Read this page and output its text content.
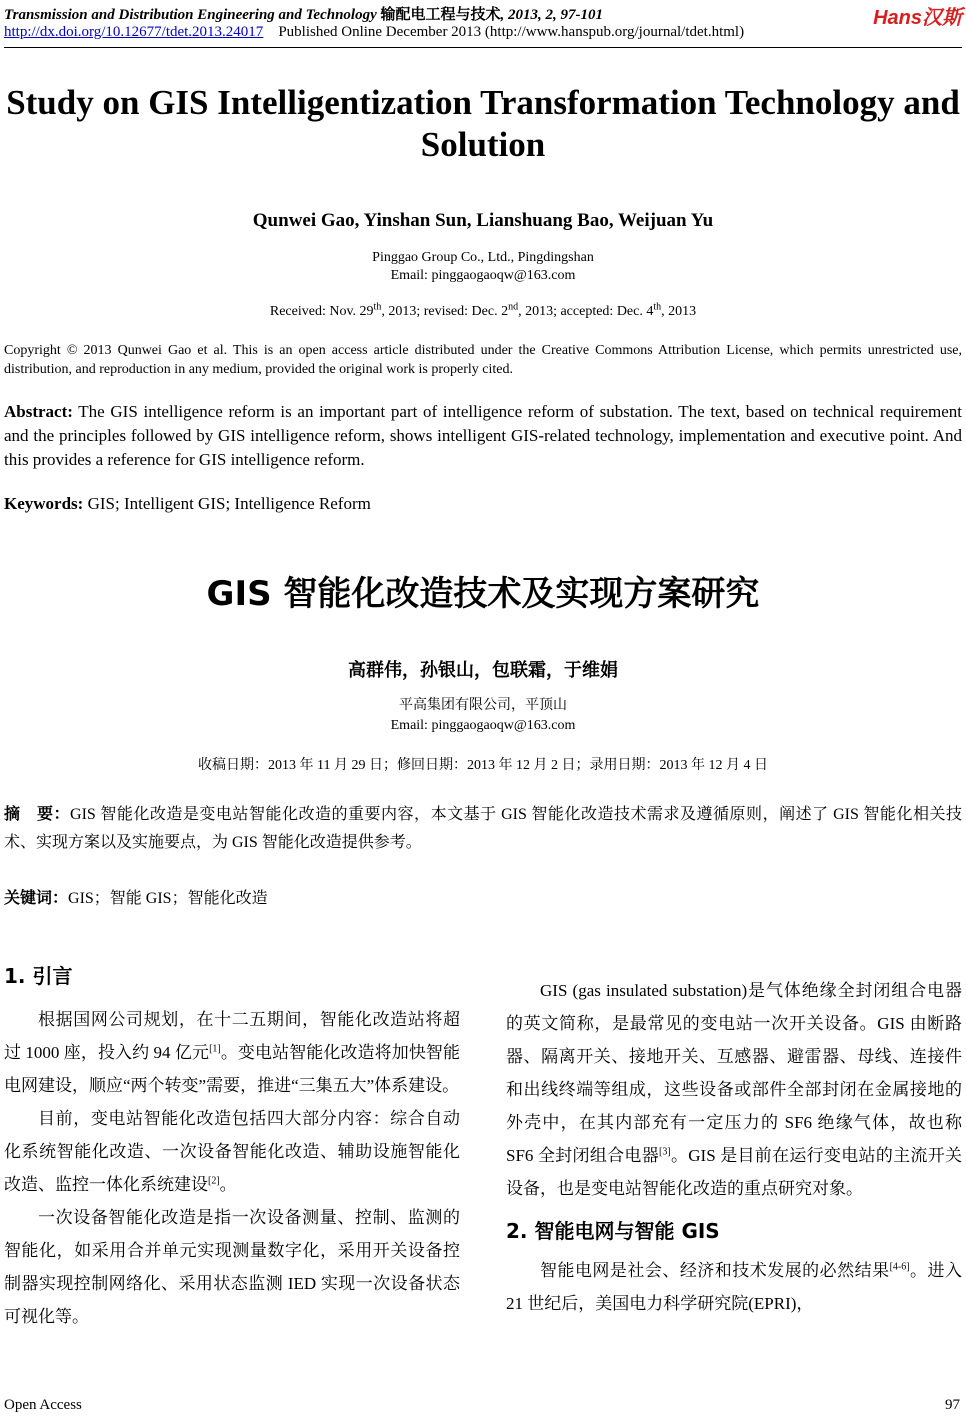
Transmission and Distribution Engineering and Technology 输配电工程与技术, 2013, 2, 97-101
http://dx.doi.org/10.12677/tdet.2013.24017 Published Online December 2013 (http://www.hanspub.org/journal/tdet.html)
Hans汉斯
Study on GIS Intelligentization Transformation Technology and Solution
Qunwei Gao, Yinshan Sun, Lianshuang Bao, Weijuan Yu
Pinggao Group Co., Ltd., Pingdingshan
Email: pinggaogaoqw@163.com
Received: Nov. 29th, 2013; revised: Dec. 2nd, 2013; accepted: Dec. 4th, 2013
Copyright © 2013 Qunwei Gao et al. This is an open access article distributed under the Creative Commons Attribution License, which permits unrestricted use, distribution, and reproduction in any medium, provided the original work is properly cited.
Abstract: The GIS intelligence reform is an important part of intelligence reform of substation. The text, based on technical requirement and the principles followed by GIS intelligence reform, shows intelligent GIS-related technology, implementation and executive point. And this provides a reference for GIS intelligence reform.
Keywords: GIS; Intelligent GIS; Intelligence Reform
GIS 智能化改造技术及实现方案研究
高群伟，孙银山，包联霜，于维娟
平高集团有限公司，平顶山
Email: pinggaogaoqw@163.com
收稿日期：2013 年 11 月 29 日；修回日期：2013 年 12 月 2 日；录用日期：2013 年 12 月 4 日
摘　要：GIS 智能化改造是变电站智能化改造的重要内容，本文基于 GIS 智能化改造技术需求及遵循原则，阐述了 GIS 智能化相关技术、实现方案以及实施要点，为 GIS 智能化改造提供参考。
关键词：GIS；智能 GIS；智能化改造
1. 引言

根据国网公司规划，在十二五期间，智能化改造站将超过 1000 座，投入约 94 亿元[1]。变电站智能化改造将加快智能电网建设，顺应“两个转变”需要，推进“三集五大”体系建设。

目前，变电站智能化改造包括四大部分内容：综合自动化系统智能化改造、一次设备智能化改造、辅助设施智能化改造、监控一体化系统建设[2]。

一次设备智能化改造是指一次设备测量、控制、监测的智能化，如采用合并单元实现测量数字化，采用开关设备控制器实现控制网络化、采用状态监测 IED 实现一次设备状态可视化等。

GIS (gas insulated substation)是气体绝缘全封闭组合电器的英文简称，是最常见的变电站一次开关设备。GIS 由断路器、隔离开关、接地开关、互感器、避雷器、母线、连接件和出线终端等组成，这些设备或部件全部封闭在金属接地的外壳中，在其内部充有一定压力的 SF6 绝缘气体，故也称 SF6 全封闭组合电器[3]。GIS 是目前在运行变电站的主流开关设备，也是变电站智能化改造的重点研究对象。

2. 智能电网与智能 GIS

智能电网是社会、经济和技术发展的必然结果[4-6]。进入 21 世纪后，美国电力科学研究院(EPRI)，

Open Access	97
